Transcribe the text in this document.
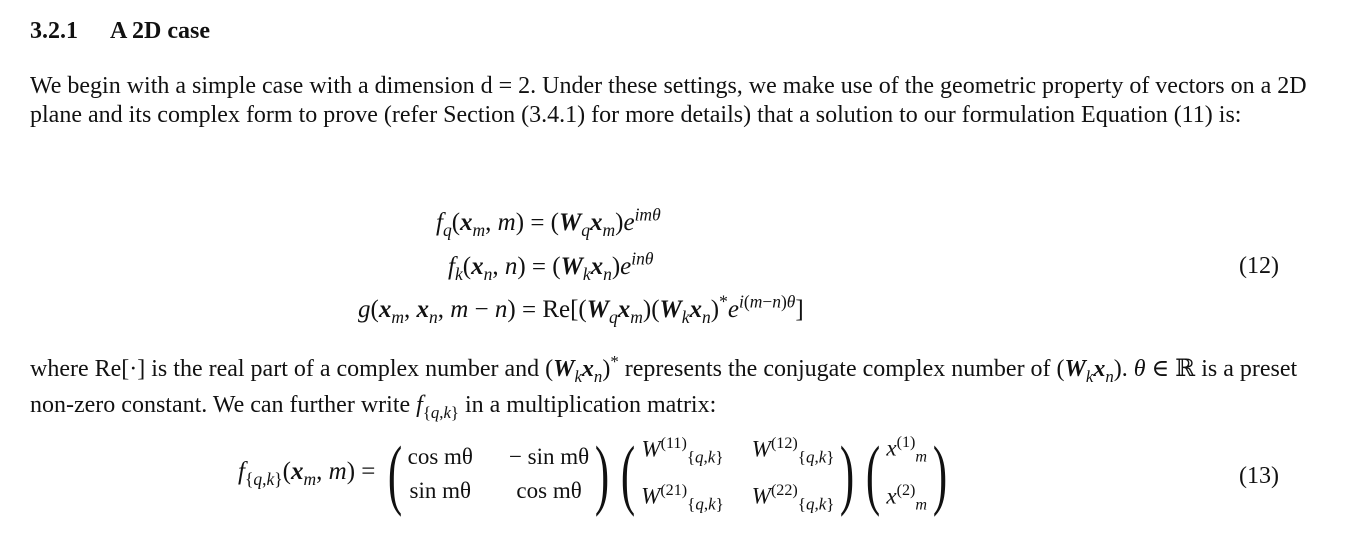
3.2.1 A 2D case
We begin with a simple case with a dimension d = 2. Under these settings, we make use of the geometric property of vectors on a 2D plane and its complex form to prove (refer Section (3.4.1) for more details) that a solution to our formulation Equation (11) is:
$f_q(x_m$, $m) = (W_qx_m)e^{im\theta}$
$f_k(x_n$, $n) = (W_kx_n)e^{in\theta}$
$g(x_m$, $x_n$, $m - n) = Re[(W_qx_m)(W_kx_n)^*e^{i(m-n)\theta}]$
(12)
where Re[·] is the real part of a complex number and $(W_kx_n)^*$ represents the conjugate complex number of $(W_kx_n)$. θ ∈ ℝ is a preset non-zero constant. We can further write $f_{\{q,k\}}$ in a multiplication matrix:
$f_{\{q,k\}}(x_m$, m) = ( cos mθ − sin mθ
sin mθ	cos mθ ) ( $W^{(11)}_{\{q,k\}}$ $W^{(12)}_{\{q,k\}}$
$W^{(21)}_{\{q,k\}}$ $W^{(22)}_{\{q,k\}}$ ) ( $x^{(1)}_m$
$x^{(2)}_m$ )	(13)
